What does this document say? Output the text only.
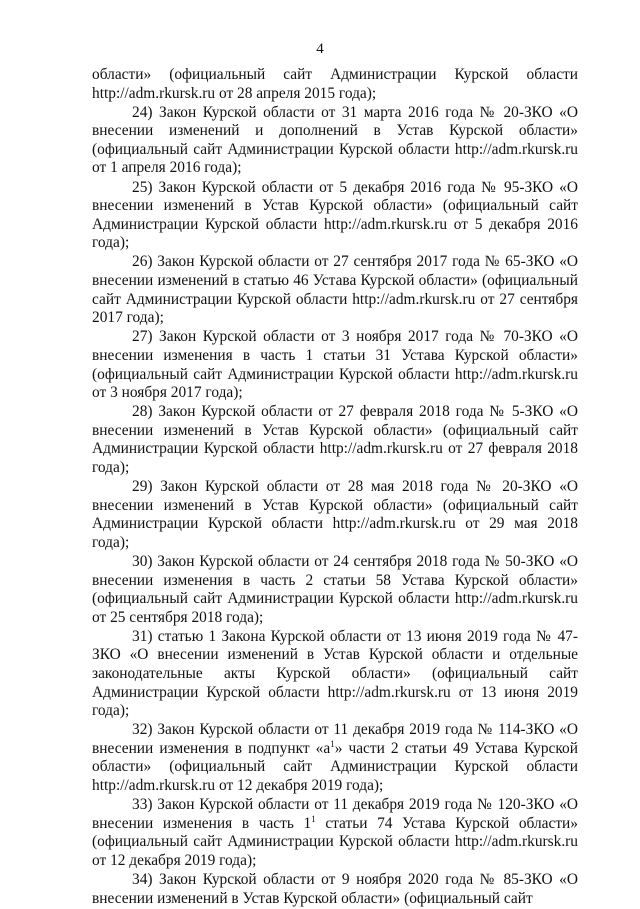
4

области» (официальный сайт Администрации Курской области http://adm.rkursk.ru от 28 апреля 2015 года);

24) Закон Курской области от 31 марта 2016 года № 20-ЗКО «О внесении изменений и дополнений в Устав Курской области» (официальный сайт Администрации Курской области http://adm.rkursk.ru от 1 апреля 2016 года);

25) Закон Курской области от 5 декабря 2016 года № 95-ЗКО «О внесении изменений в Устав Курской области» (официальный сайт Администрации Курской области http://adm.rkursk.ru от 5 декабря 2016 года);

26) Закон Курской области от 27 сентября 2017 года № 65-ЗКО «О внесении изменений в статью 46 Устава Курской области» (официальный сайт Администрации Курской области http://adm.rkursk.ru от 27 сентября 2017 года);

27) Закон Курской области от 3 ноября 2017 года № 70-ЗКО «О внесении изменения в часть 1 статьи 31 Устава Курской области» (официальный сайт Администрации Курской области http://adm.rkursk.ru от 3 ноября 2017 года);

28) Закон Курской области от 27 февраля 2018 года № 5-ЗКО «О внесении изменений в Устав Курской области» (официальный сайт Администрации Курской области http://adm.rkursk.ru от 27 февраля 2018 года);

29) Закон Курской области от 28 мая 2018 года № 20-ЗКО «О внесении изменений в Устав Курской области» (официальный сайт Администрации Курской области http://adm.rkursk.ru от 29 мая 2018 года);

30) Закон Курской области от 24 сентября 2018 года № 50-ЗКО «О внесении изменения в часть 2 статьи 58 Устава Курской области» (официальный сайт Администрации Курской области http://adm.rkursk.ru от 25 сентября 2018 года);

31) статью 1 Закона Курской области от 13 июня 2019 года № 47-ЗКО «О внесении изменений в Устав Курской области и отдельные законодательные акты Курской области» (официальный сайт Администрации Курской области http://adm.rkursk.ru от 13 июня 2019 года);

32) Закон Курской области от 11 декабря 2019 года № 114-ЗКО «О внесении изменения в подпункт «$а^1$» части 2 статьи 49 Устава Курской области» (официальный сайт Администрации Курской области http://adm.rkursk.ru от 12 декабря 2019 года);

33) Закон Курской области от 11 декабря 2019 года № 120-ЗКО «О внесении изменения в часть $1^1$ статьи 74 Устава Курской области» (официальный сайт Администрации Курской области http://adm.rkursk.ru от 12 декабря 2019 года);

34) Закон Курской области от 9 ноября 2020 года № 85-ЗКО «О внесении изменений в Устав Курской области» (официальный сайт
